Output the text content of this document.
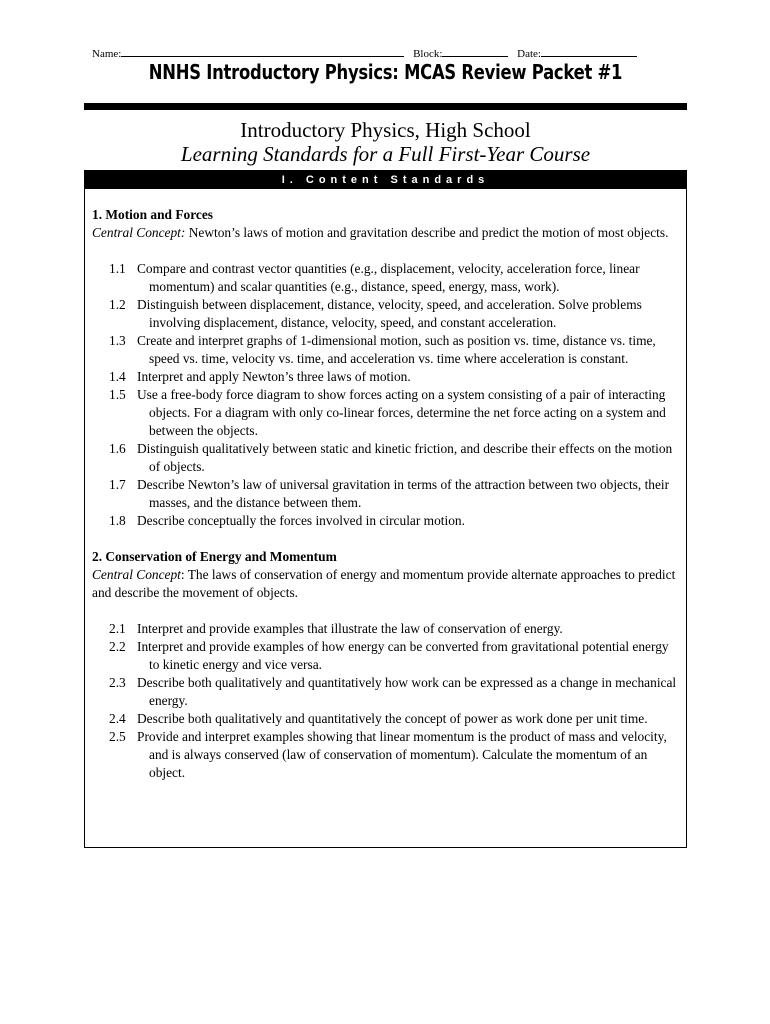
Name:	Block:	Date:
NNHS Introductory Physics: MCAS Review Packet #1
Introductory Physics, High School
Learning Standards for a Full First-Year Course
I. Content Standards
1. Motion and Forces
Central Concept: Newton’s laws of motion and gravitation describe and predict the motion of most objects.
1.1 Compare and contrast vector quantities (e.g., displacement, velocity, acceleration force, linear momentum) and scalar quantities (e.g., distance, speed, energy, mass, work).
1.2 Distinguish between displacement, distance, velocity, speed, and acceleration. Solve problems involving displacement, distance, velocity, speed, and constant acceleration.
1.3 Create and interpret graphs of 1-dimensional motion, such as position vs. time, distance vs. time, speed vs. time, velocity vs. time, and acceleration vs. time where acceleration is constant.
1.4 Interpret and apply Newton’s three laws of motion.
1.5 Use a free-body force diagram to show forces acting on a system consisting of a pair of interacting objects. For a diagram with only co-linear forces, determine the net force acting on a system and between the objects.
1.6 Distinguish qualitatively between static and kinetic friction, and describe their effects on the motion of objects.
1.7 Describe Newton’s law of universal gravitation in terms of the attraction between two objects, their masses, and the distance between them.
1.8 Describe conceptually the forces involved in circular motion.
2. Conservation of Energy and Momentum
Central Concept: The laws of conservation of energy and momentum provide alternate approaches to predict and describe the movement of objects.
2.1 Interpret and provide examples that illustrate the law of conservation of energy.
2.2 Interpret and provide examples of how energy can be converted from gravitational potential energy to kinetic energy and vice versa.
2.3 Describe both qualitatively and quantitatively how work can be expressed as a change in mechanical energy.
2.4 Describe both qualitatively and quantitatively the concept of power as work done per unit time.
2.5 Provide and interpret examples showing that linear momentum is the product of mass and velocity, and is always conserved (law of conservation of momentum). Calculate the momentum of an object.
